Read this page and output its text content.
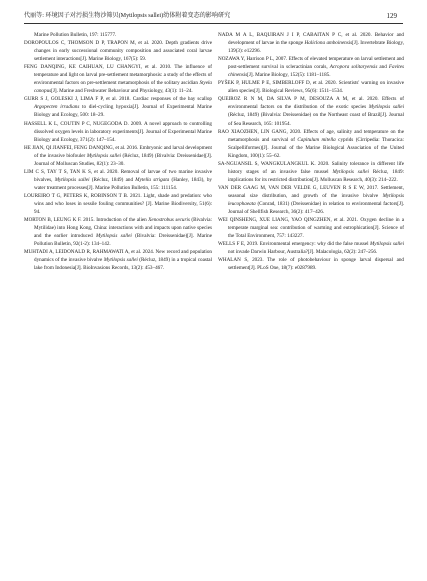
代丽等: 环境因子对污损生物沙筛贝(Mytilopsis sallei)幼体附着变态的影响研究	129

Marine Pollution Bulletin, 197: 115777.

DOROPOULOS C, THOMSON D P, TRAPON M, et al. 2020. Depth gradients drive changes in early successional community composition and associated coral larvae settlement interactions[J]. Marine Biology, 167(5): 59.

FENG DANQING, KE CAIHUAN, LU CHANGYI, et al. 2010. The influence of temperature and light on larval pre-settlement metamorphosis: a study of the effects of environmental factors on pre-settlement metamorphosis of the solitary ascidian Styela canopus[J]. Marine and Freshwater Behaviour and Physiology, 43(1): 11–24.

GURR S J, GOLESKI J, LIMA F P, et al. 2018. Cardiac responses of the bay scallop Argopecten irradians to diel-cycling hypoxia[J]. Journal of Experimental Marine Biology and Ecology, 500: 18–29.

HASSELL K L, COUTIN P C, NUGEGODA D. 2009. A novel approach to controlling dissolved oxygen levels in laboratory experiments[J]. Journal of Experimental Marine Biology and Ecology, 371(2): 147–154.

HE JIAN, QI JIANFEI, FENG DANQING, et al. 2016. Embryonic and larval development of the invasive biofouler Mytilopsis sallei (Récluz, 1849) (Bivalvia: Dreissenidae)[J]. Journal of Molluscan Studies, 82(1): 23–30.

LIM C S, TAY T S, TAN K S, et al. 2020. Removal of larvae of two marine invasive bivalves, Mytilopsis sallei (Récluz, 1849) and Mytella strigata (Hanley, 1843), by water treatment processes[J]. Marine Pollution Bulletin, 155: 111154.

LOUREIRO T G, PETERS K, ROBINSON T B. 2021. Light, shade and predation: who wins and who loses in sessile fouling communities? [J]. Marine Biodiversity, 51(6): 94.

MORTON B, LEUNG K F. 2015. Introduction of the alien Xenostrobus securis (Bivalvia: Mytilidae) into Hong Kong, China: interactions with and impacts upon native species and the earlier introduced Mytilopsis sallei (Bivalvia: Dreissenidae)[J]. Marine Pollution Bulletin, 92(1-2): 134–142.

MUHTADI A, LEIDONALD R, RAHMAWATI A, et al. 2024. New record and population dynamics of the invasive bivalve Mytilopsis sallei (Récluz, 1849) in a tropical coastal lake from Indonesia[J]. BioInvasions Records, 13(2): 453–467.

NADA M A L, BAQUIRAN J I P, CABAITAN P C, et al. 2020. Behavior and development of larvae in the sponge Haliclona amboinensis[J]. Invertebrate Biology, 139(3): e12296.

NOZAWA Y, Harrison P L, 2007. Effects of elevated temperature on larval settlement and post-settlement survival in scleractinian corals, Acropora solitaryensis and Favites chinensis[J]. Marine Biology, 152(5): 1181–1185.

PYŠEK P, HULME P E, SIMBERLOFF D, et al. 2020. Scientists' warning on invasive alien species[J]. Biological Reviews, 95(6): 1511–1534.

QUEIROZ R N M, DA SILVA P M, DESOUZA A M, et al. 2020. Effects of environmental factors on the distribution of the exotic species Mytilopsis sallei (Récluz, 1849) (Bivalvia: Dreissenidae) on the Northeast coast of Brazil[J]. Journal of Sea Research, 165: 101954.

RAO XIAOZHEN, LIN GANG, 2020. Effects of age, salinity and temperature on the metamorphosis and survival of Capitulum mitella cyprids (Cirripedia: Thoracica: Scalpelliformes)[J]. Journal of the Marine Biological Association of the United Kingdom, 100(1): 55–62.

SA-NGUANSIL S, WANGKULANGKUL K. 2020. Salinity tolerance in different life history stages of an invasive false mussel Mytilopsis sallei Récluz, 1849: implications for its restricted distribution[J]. Molluscan Research, 40(3): 214–222.

VAN DER GAAG M, VAN DER VELDE G, LEUVEN R S E W, 2017. Settlement, seasonal size distribution, and growth of the invasive bivalve Mytilopsis leucophaeata (Conrad, 1831) (Dreissenidae) in relation to environmental factors[J]. Journal of Shellfish Research, 36(2): 417–426.

WEI QINSHENG, XUE LIANG, YAO QINGZHEN, et al. 2021. Oxygen decline in a temperate marginal sea: contribution of warming and eutrophication[J]. Science of the Total Environment, 757: 143227.

WELLS F E, 2019. Environmental emergency: why did the false mussel Mytilopsis sallei not invade Darwin Harbour, Australia?[J]. Malacologia, 62(2): 247–256.

WHALAN S, 2023. The role of photobehaviour in sponge larval dispersal and settlement[J]. PLoS One, 18(7): e0287989.
